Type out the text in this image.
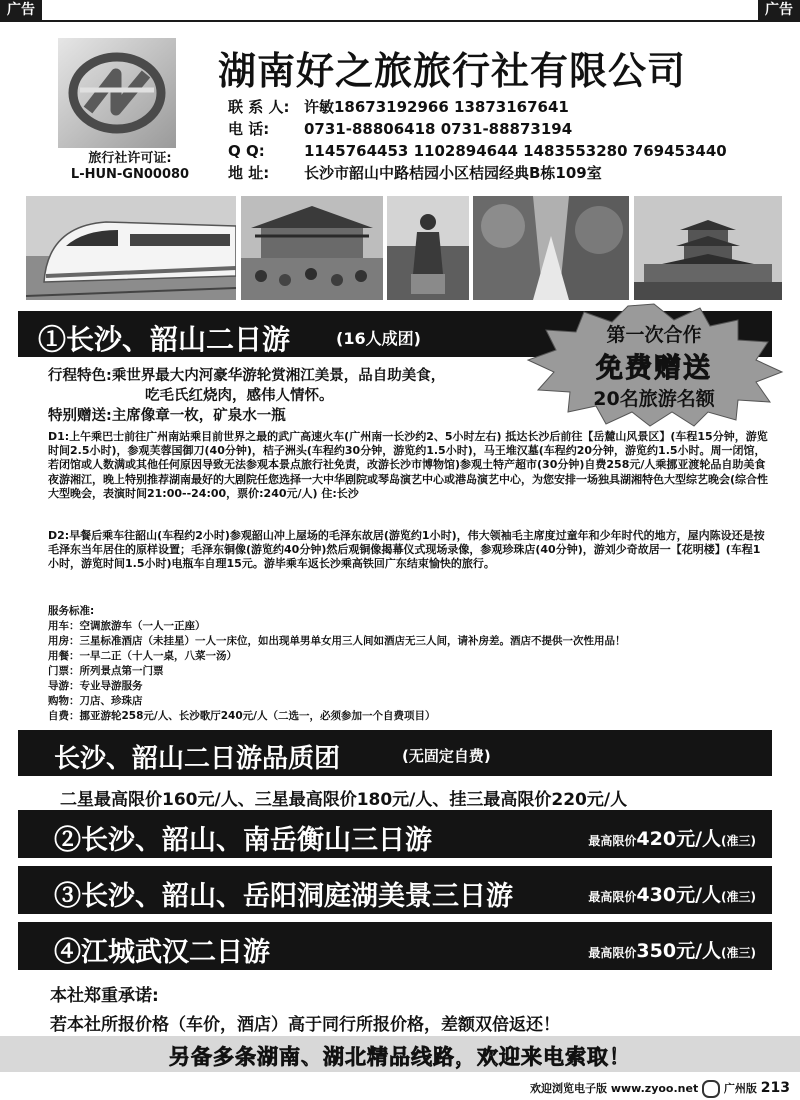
广告	广告
湖南好之旅旅行社有限公司
联 系 人: 许敏18673192966 13873167641
电 话: 0731-88806418 0731-88873194
Q Q:	1145764453 1102894644 1483553280 769453440
地 址: 长沙市韶山中路桔园小区桔园经典B栋109室
旅行社许可证:
L-HUN-GN00080
①长沙、韶山二日游	(16人成团)	第一次合作
免费赠送
20名旅游名额
行程特色:乘世界最大内河豪华游轮赏湘江美景，品自助美食，
吃毛氏红烧肉，感伟人情怀。
特别赠送:主席像章一枚，矿泉水一瓶
D1:上午乘巴士前往广州南站乘目前世界之最的武广高速火车(广州南一长沙约2、5小时左右) 抵达长沙后前往【岳麓山风景区】(车程15分钟，游览时间2.5小时)，参观芙蓉国御刀(40分钟)，桔子洲头(车程约30分钟，游览约1.5小时)，马王堆汉墓(车程约20分钟，游览约1.5小时。周一闭馆，若闭馆或人数满或其他任何原因导致无法参观本景点旅行社免责，改游长沙市博物馆)参观土特产超市(30分钟)自费258元/人乘挪亚渡轮品自助美食夜游湘江，晚上特别推荐湖南最好的大剧院任您选择一大中华剧院或琴岛演艺中心或港岛演艺中心，为您安排一场独具湖湘特色大型综艺晚会(综合性大型晚会，表演时间21:00--24:00，票价:240元/人) 住:长沙
D2:早餐后乘车往韶山(车程约2小时)参观韶山冲上屋场的毛泽东故居(游览约1小时)，伟大领袖毛主席度过童年和少年时代的地方，屋内陈设还是按毛泽东当年居住的原样设置；毛泽东铜像(游览约40分钟)然后观铜像揭幕仪式现场录像，参观珍珠店(40分钟)，游刘少奇故居一【花明楼】(车程1小时，游览时间1.5小时)电瓶车自理15元。游毕乘车返长沙乘高铁回广东结束愉快的旅行。
服务标准:
用车：空调旅游车（一人一正座）
用房：三星标准酒店（未挂星）一人一床位，如出现单男单女用三人间如酒店无三人间，请补房差。酒店不提供一次性用品！
用餐：一早二正（十人一桌，八菜一汤）
门票：所列景点第一门票
导游：专业导游服务
购物：刀店、珍珠店
自费：挪亚游轮258元/人、长沙歌厅240元/人（二选一，必须参加一个自费项目）
长沙、韶山二日游品质团	(无固定自费)
二星最高限价160元/人、三星最高限价180元/人、挂三最高限价220元/人
②长沙、韶山、南岳衡山三日游	最高限价420元/人(准三)
③长沙、韶山、岳阳洞庭湖美景三日游	最高限价430元/人(准三)
④江城武汉二日游	最高限价350元/人(准三)
本社郑重承诺:
若本社所报价格（车价，酒店）高于同行所报价格，差额双倍返还！
另备多条湖南、湖北精品线路，欢迎来电索取！
欢迎浏览电子版 www.zyoo.net 广州版 213
